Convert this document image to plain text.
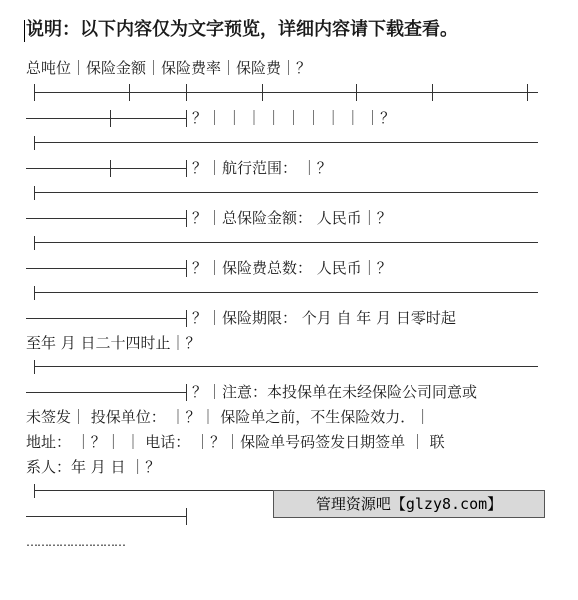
说明：以下内容仅为文字预览，详细内容请下载查看。
总吨位｜保险金额｜保险费率｜保险费｜？
？｜ ｜ ｜ ｜ ｜ ｜ ｜ ｜ ｜？
？｜航行范围： ｜？
？｜总保险金额： 人民币｜？
？｜保险费总数： 人民币｜？
？｜保险期限： 个月 自 年 月 日零时起
至年 月 日二十四时止｜？
？｜注意：本投保单在未经保险公司同意或
未签发｜ 投保单位： ｜？｜ 保险单之前，不生保险效力．｜
地址： ｜？｜ ｜ 电话： ｜？｜保险单号码签发日期签单 ｜ 联
系人：年 月 日 ｜？
………………………
管理资源吧【glzy8.com】
